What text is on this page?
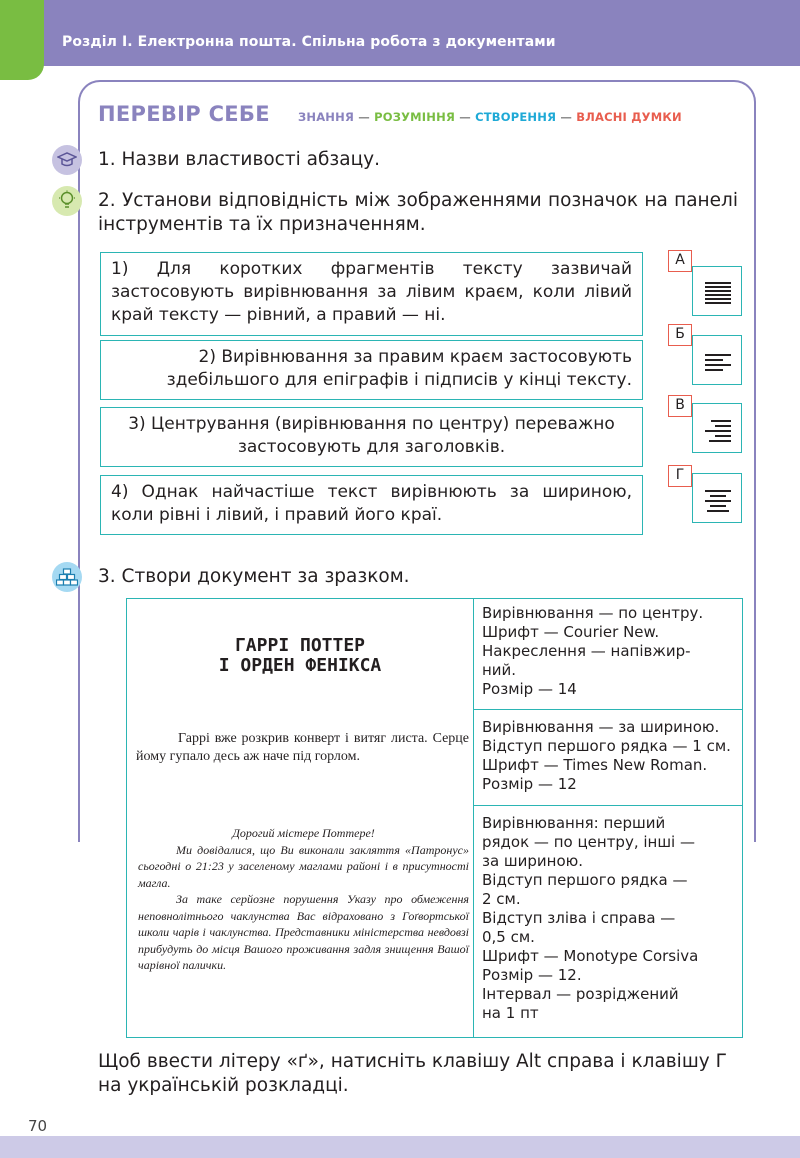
Розділ І. Електронна пошта. Спільна робота з документами
ПЕРЕВІР СЕБЕ ЗНАННЯ — РОЗУМІННЯ — СТВОРЕННЯ — ВЛАСНІ ДУМКИ
1. Назви властивості абзацу.
2. Установи відповідність між зображеннями позначок на панелі інструментів та їх призначенням.
1) Для коротких фрагментів тексту зазвичай застосовують вирівнювання за лівим краєм, коли лівий край тексту — рівний, а правий — ні.
2) Вирівнювання за правим краєм застосовують здебільшого для епіграфів і підписів у кінці тексту.
3) Центрування (вирівнювання по центру) переважно застосовують для заголовків.
4) Однак найчастіше текст вирівнюють за шириною, коли рівні і лівий, і правий його краї.
А
Б
В
Г
3. Створи документ за зразком.
ГАРРІ ПОТТЕР
І ОРДЕН ФЕНІКСА
Гаррі вже розкрив конверт і витяг листа. Серце йому гупало десь аж наче під горлом.

Дорогий містере Поттере!

Ми довідалися, що Ви виконали закляття «Патронус» сьогодні о 21:23 у заселеному маглами районі і в присутності магла.

За таке серйозне порушення Указу про обмеження неповнолітнього чаклунства Вас відраховано з Гоґвортської школи чарів і чаклунства. Представники міністерства невдовзі прибудуть до місця Вашого проживання задля знищення Вашої чарівної палички.

Вирівнювання — по центру.
Шрифт — Courier New.
Накреслення — напівжир-
ний.
Розмір — 14
Вирівнювання — за шириною.
Відступ першого рядка — 1 см.
Шрифт — Times New Roman.
Розмір — 12
Вирівнювання: перший
рядок — по центру, інші —
за шириною.
Відступ першого рядка —
2 см.
Відступ зліва і справа —
0,5 см.
Шрифт — Monotype Corsiva
Розмір — 12.
Інтервал — розріджений
на 1 пт
Щоб ввести літеру «ґ», натисніть клавішу Alt справа і клавішу Г на українській розкладці.
70
